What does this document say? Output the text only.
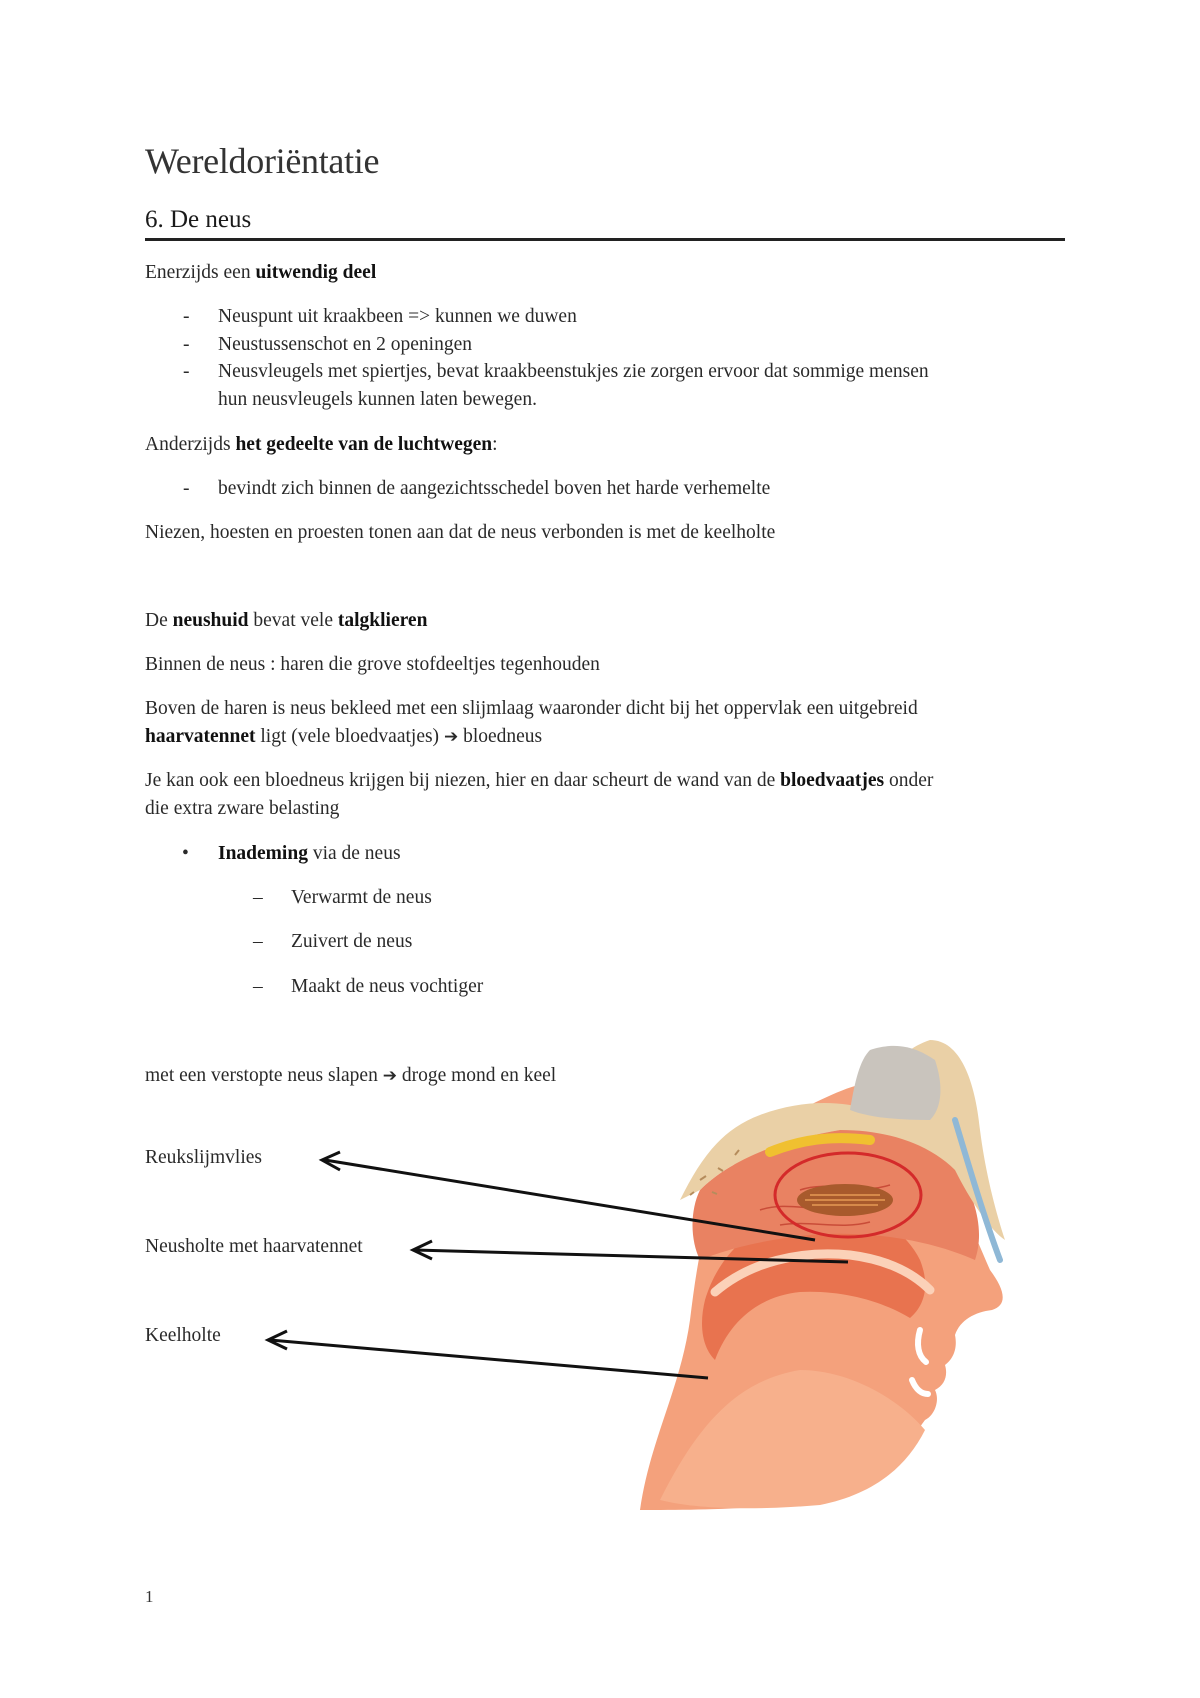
Wereldoriëntatie
6. De neus
Enerzijds een uitwendig deel
- Neuspunt uit kraakbeen => kunnen we duwen
- Neustussenschot en 2 openingen
- Neusvleugels met spiertjes, bevat kraakbeenstukjes zie zorgen ervoor dat sommige mensen
hun neusvleugels kunnen laten bewegen.
Anderzijds het gedeelte van de luchtwegen:
- bevindt zich binnen de aangezichtsschedel boven het harde verhemelte
Niezen, hoesten en proesten tonen aan dat de neus verbonden is met de keelholte
De neushuid bevat vele talgklieren
Binnen de neus : haren die grove stofdeeltjes tegenhouden
Boven de haren is neus bekleed met een slijmlaag waaronder dicht bij het oppervlak een uitgebreid
haarvatennet ligt (vele bloedvaatjes) ➔ bloedneus
Je kan ook een bloedneus krijgen bij niezen, hier en daar scheurt de wand van de bloedvaatjes onder
die extra zware belasting
• Inademing via de neus
– Verwarmt de neus
– Zuivert de neus
– Maakt de neus vochtiger
met een verstopte neus slapen ➔ droge mond en keel
Reukslijmvlies
Neusholte met haarvatennet
Keelholte
1
